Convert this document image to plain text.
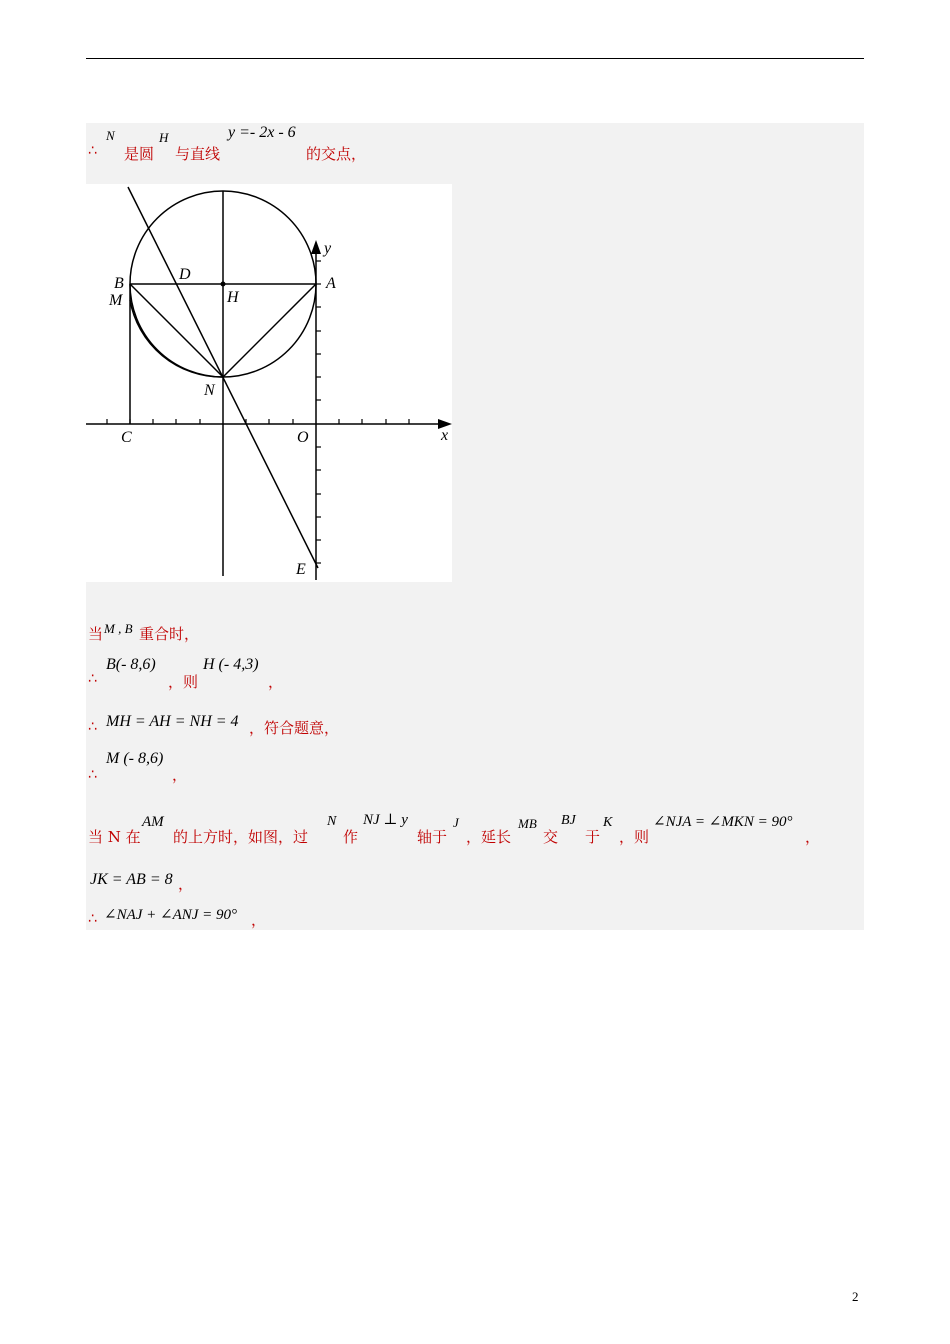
∴
N
是圆
H
与直线
y =- 2x - 6
的交点，
B
M
D
H
A
y
N
C	O	x
E
当 M , B 重合时，
∴
B(- 8,6)
，则
H (- 4,3)
，
∴ MH = AH = NH = 4 ，符合题意，
∴
M (- 8,6)
，
当 N 在
AM
的上方时，如图，过
N
作
NJ ⊥ y
轴于
J
，延长
MB
交
BJ
于
K
，则
∠NJA = ∠MKN = 90°
，
JK = AB = 8 ，
∴ ∠NAJ + ∠ANJ = 90° ，
2
